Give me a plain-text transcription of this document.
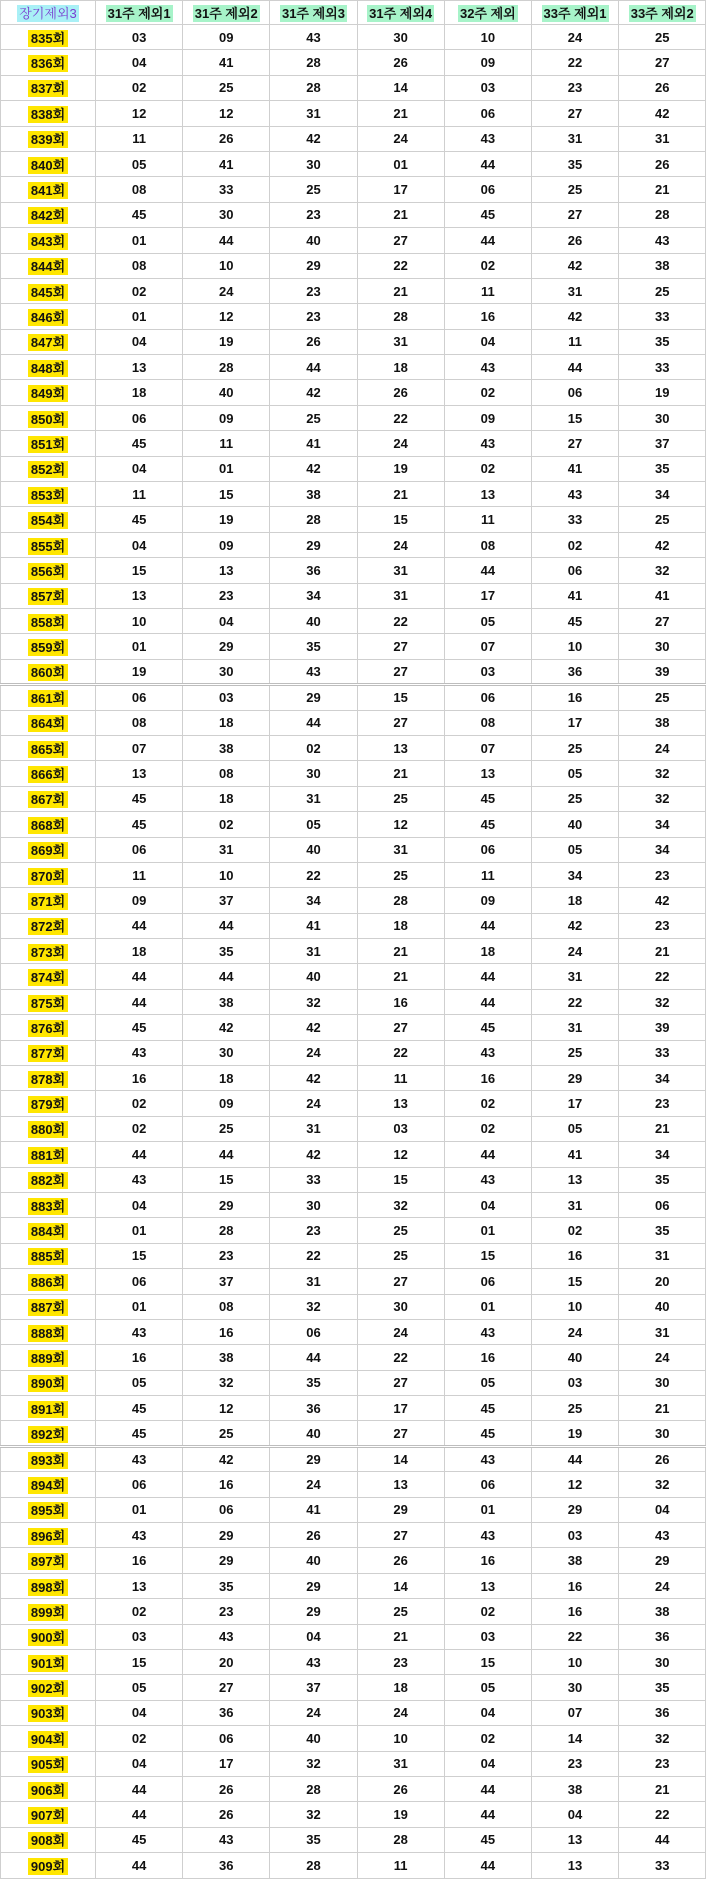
장기제외3	31주 제외1	31주 제외2	31주 제외3	31주 제외4	32주 제외	33주 제외1	33주 제외2
835회	03	09	43	30	10	24	25
836회	04	41	28	26	09	22	27
837회	02	25	28	14	03	23	26
838회	12	12	31	21	06	27	42
839회	11	26	42	24	43	31	31
840회	05	41	30	01	44	35	26
841회	08	33	25	17	06	25	21
842회	45	30	23	21	45	27	28
843회	01	44	40	27	44	26	43
844회	08	10	29	22	02	42	38
845회	02	24	23	21	11	31	25
846회	01	12	23	28	16	42	33
847회	04	19	26	31	04	11	35
848회	13	28	44	18	43	44	33
849회	18	40	42	26	02	06	19
850회	06	09	25	22	09	15	30
851회	45	11	41	24	43	27	37
852회	04	01	42	19	02	41	35
853회	11	15	38	21	13	43	34
854회	45	19	28	15	11	33	25
855회	04	09	29	24	08	02	42
856회	15	13	36	31	44	06	32
857회	13	23	34	31	17	41	41
858회	10	04	40	22	05	45	27
859회	01	29	35	27	07	10	30
860회	19	30	43	27	03	36	39
861회	06	03	29	15	06	16	25
864회	08	18	44	27	08	17	38
865회	07	38	02	13	07	25	24
866회	13	08	30	21	13	05	32
867회	45	18	31	25	45	25	32
868회	45	02	05	12	45	40	34
869회	06	31	40	31	06	05	34
870회	11	10	22	25	11	34	23
871회	09	37	34	28	09	18	42
872회	44	44	41	18	44	42	23
873회	18	35	31	21	18	24	21
874회	44	44	40	21	44	31	22
875회	44	38	32	16	44	22	32
876회	45	42	42	27	45	31	39
877회	43	30	24	22	43	25	33
878회	16	18	42	11	16	29	34
879회	02	09	24	13	02	17	23
880회	02	25	31	03	02	05	21
881회	44	44	42	12	44	41	34
882회	43	15	33	15	43	13	35
883회	04	29	30	32	04	31	06
884회	01	28	23	25	01	02	35
885회	15	23	22	25	15	16	31
886회	06	37	31	27	06	15	20
887회	01	08	32	30	01	10	40
888회	43	16	06	24	43	24	31
889회	16	38	44	22	16	40	24
890회	05	32	35	27	05	03	30
891회	45	12	36	17	45	25	21
892회	45	25	40	27	45	19	30
893회	43	42	29	14	43	44	26
894회	06	16	24	13	06	12	32
895회	01	06	41	29	01	29	04
896회	43	29	26	27	43	03	43
897회	16	29	40	26	16	38	29
898회	13	35	29	14	13	16	24
899회	02	23	29	25	02	16	38
900회	03	43	04	21	03	22	36
901회	15	20	43	23	15	10	30
902회	05	27	37	18	05	30	35
903회	04	36	24	24	04	07	36
904회	02	06	40	10	02	14	32
905회	04	17	32	31	04	23	23
906회	44	26	28	26	44	38	21
907회	44	26	32	19	44	04	22
908회	45	43	35	28	45	13	44
909회	44	36	28	11	44	13	33
